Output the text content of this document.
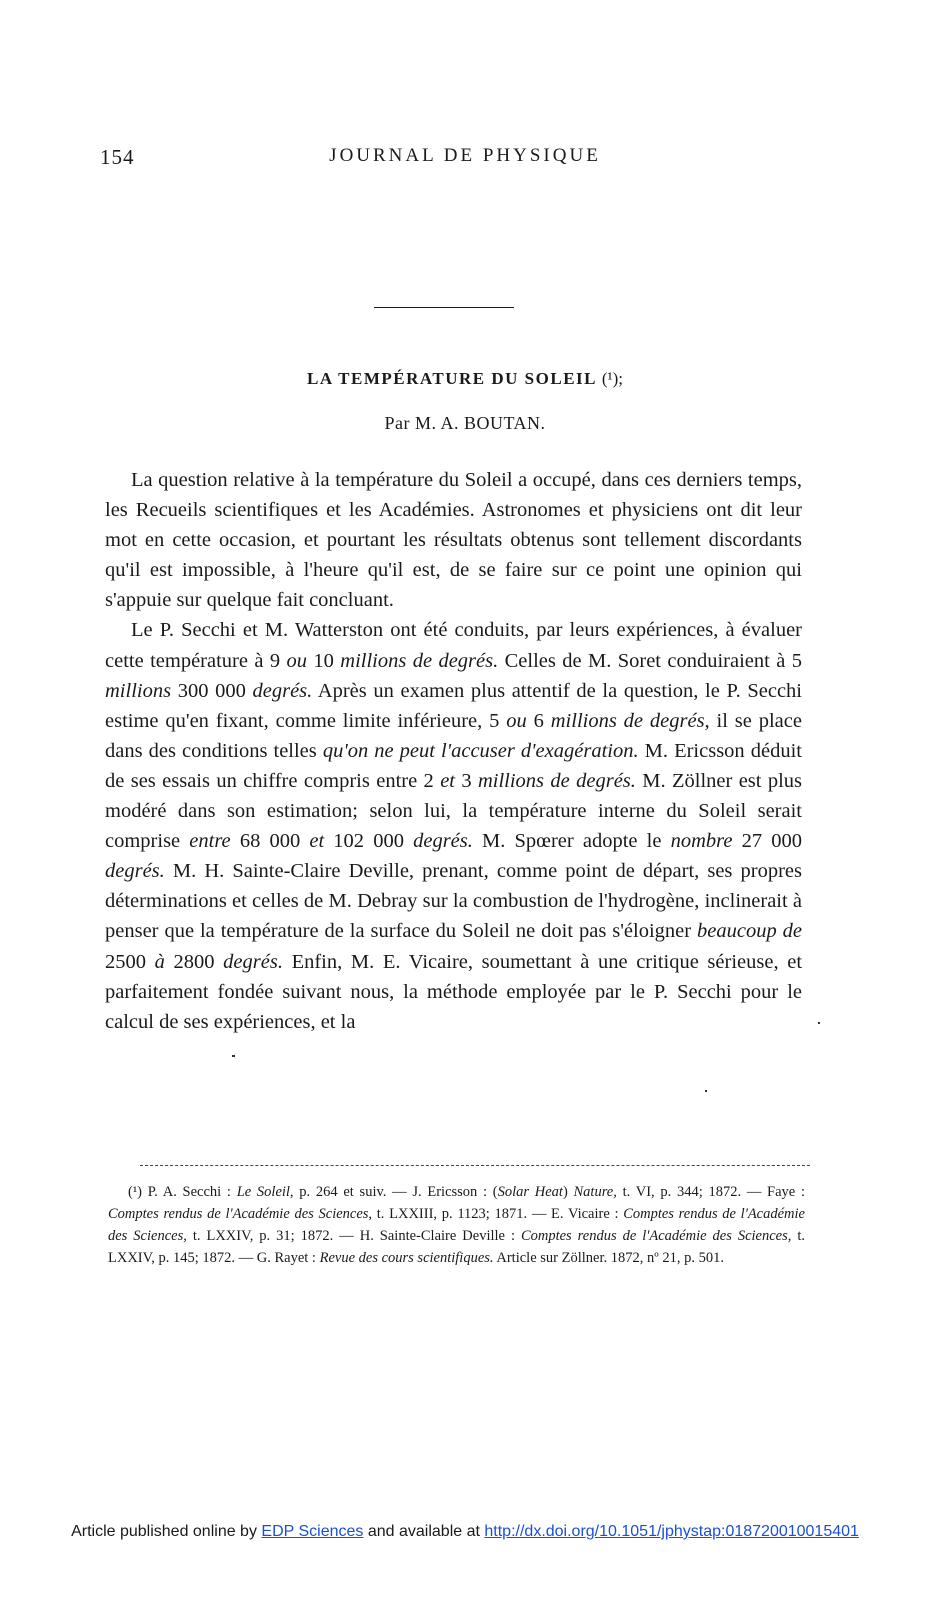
154	JOURNAL DE PHYSIQUE
LA TEMPÉRATURE DU SOLEIL (¹);
Par M. A. BOUTAN.

La question relative à la température du Soleil a occupé, dans ces derniers temps, les Recueils scientifiques et les Académies. Astronomes et physiciens ont dit leur mot en cette occasion, et pourtant les résultats obtenus sont tellement discordants qu'il est impossible, à l'heure qu'il est, de se faire sur ce point une opinion qui s'appuie sur quelque fait concluant.

Le P. Secchi et M. Watterston ont été conduits, par leurs expériences, à évaluer cette température à 9 ou 10 millions de degrés. Celles de M. Soret conduiraient à 5 millions 300 000 degrés. Après un examen plus attentif de la question, le P. Secchi estime qu'en fixant, comme limite inférieure, 5 ou 6 millions de degrés, il se place dans des conditions telles qu'on ne peut l'accuser d'exagération. M. Ericsson déduit de ses essais un chiffre compris entre 2 et 3 millions de degrés. M. Zöllner est plus modéré dans son estimation; selon lui, la température interne du Soleil serait comprise entre 68 000 et 102 000 degrés. M. Spœrer adopte le nombre 27 000 degrés. M. H. Sainte-Claire Deville, prenant, comme point de départ, ses propres déterminations et celles de M. Debray sur la combustion de l'hydrogène, inclinerait à penser que la température de la surface du Soleil ne doit pas s'éloigner beaucoup de 2500 à 2800 degrés. Enfin, M. E. Vicaire, soumettant à une critique sérieuse, et parfaitement fondée suivant nous, la méthode employée par le P. Secchi pour le calcul de ses expériences, et la

(¹) P. A. Secchi : Le Soleil, p. 264 et suiv. — J. Ericsson : (Solar Heat) Nature, t. VI, p. 344; 1872. — Faye : Comptes rendus de l'Académie des Sciences, t. LXXIII, p. 1123; 1871. — E. Vicaire : Comptes rendus de l'Académie des Sciences, t. LXXIV, p. 31; 1872. — H. Sainte-Claire Deville : Comptes rendus de l'Académie des Sciences, t. LXXIV, p. 145; 1872. — G. Rayet : Revue des cours scientifiques. Article sur Zöllner. 1872, nº 21, p. 501.

Article published online by EDP Sciences and available at http://dx.doi.org/10.1051/jphystap:018720010015401
